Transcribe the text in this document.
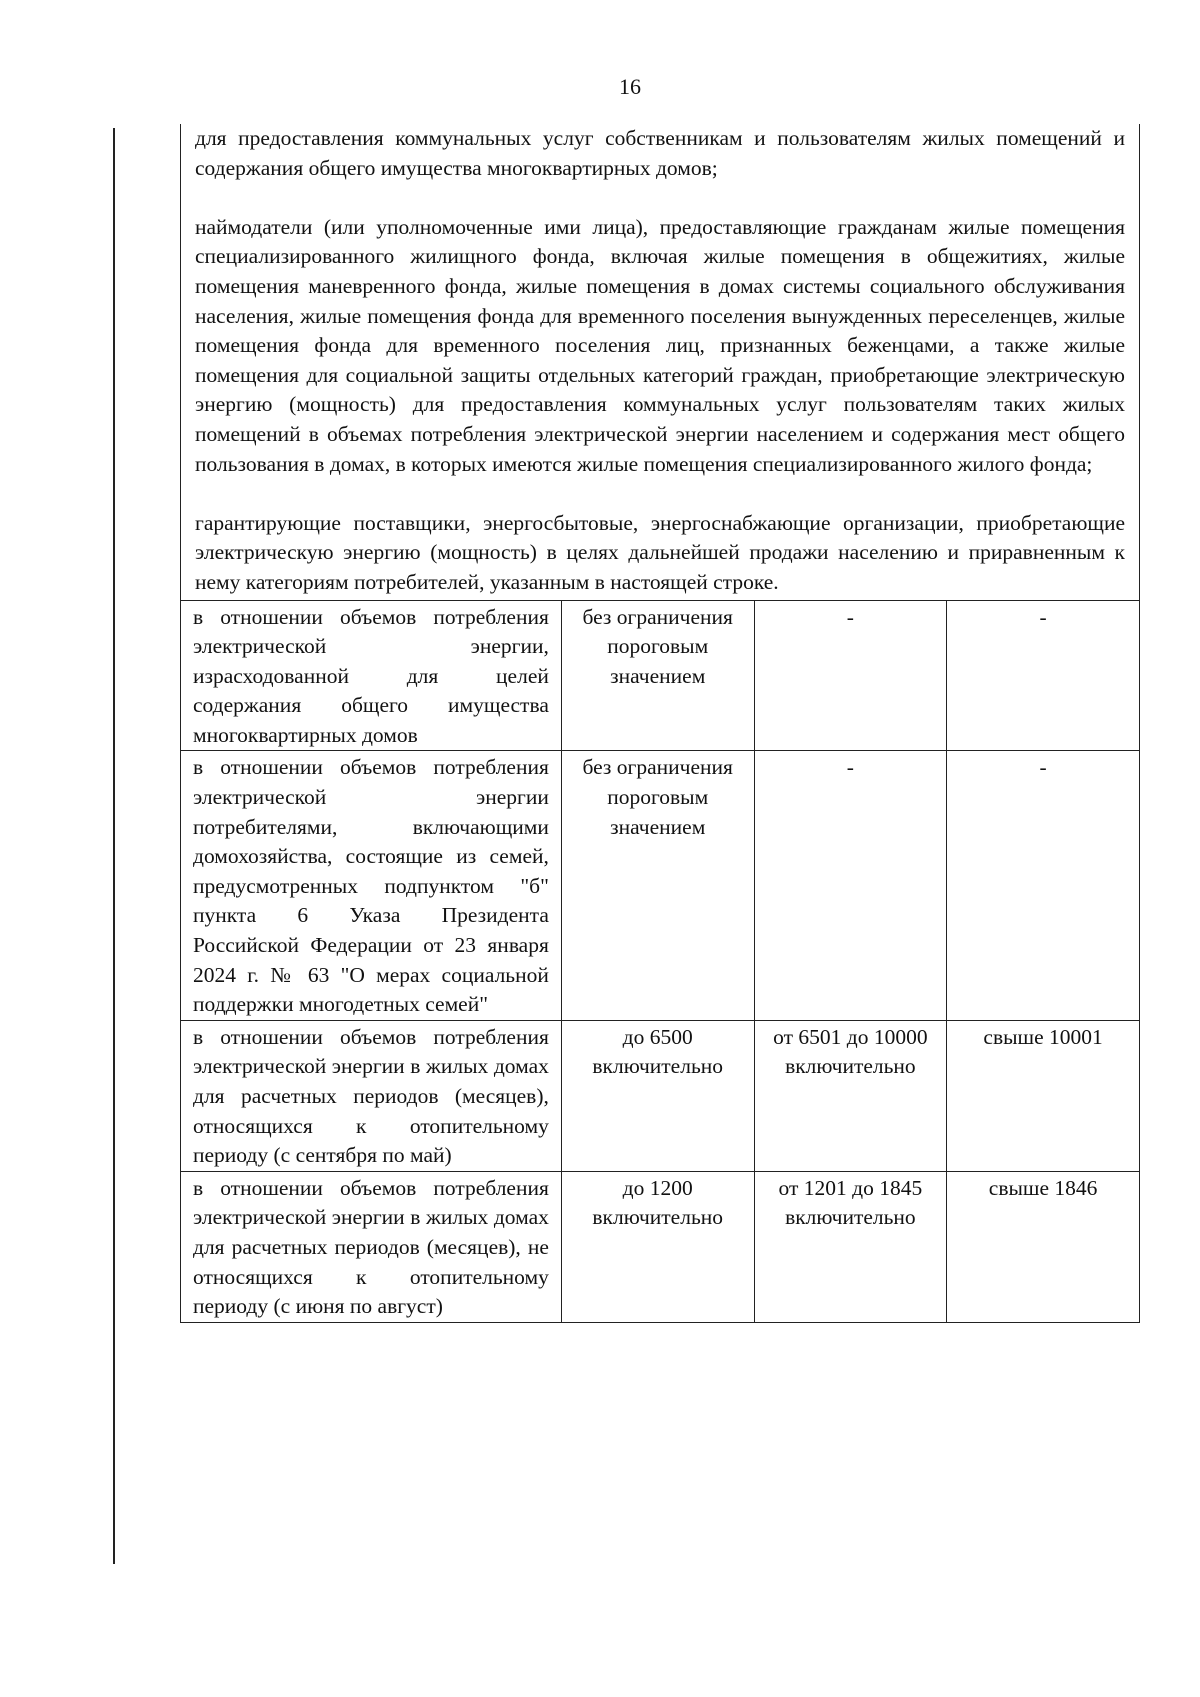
16

для предоставления коммунальных услуг собственникам и пользователям жилых помещений и содержания общего имущества многоквартирных домов;

наймодатели (или уполномоченные ими лица), предоставляющие гражданам жилые помещения специализированного жилищного фонда, включая жилые помещения в общежитиях, жилые помещения маневренного фонда, жилые помещения в домах системы социального обслуживания населения, жилые помещения фонда для временного поселения вынужденных переселенцев, жилые помещения фонда для временного поселения лиц, признанных беженцами, а также жилые помещения для социальной защиты отдельных категорий граждан, приобретающие электрическую энергию (мощность) для предоставления коммунальных услуг пользователям таких жилых помещений в объемах потребления электрической энергии населением и содержания мест общего пользования в домах, в которых имеются жилые помещения специализированного жилого фонда;

гарантирующие поставщики, энергосбытовые, энергоснабжающие организации, приобретающие электрическую энергию (мощность) в целях дальнейшей продажи населению и приравненным к нему категориям потребителей, указанным в настоящей строке.			

в отношении объемов потребления электрической энергии, израсходованной для целей содержания общего имущества многоквартирных домов	без ограничения пороговым значением	-	-
в отношении объемов потребления электрической энергии потребителями, включающими домохозяйства, состоящие из семей, предусмотренных подпунктом "б" пункта 6 Указа Президента Российской Федерации от 23 января 2024 г. № 63 "О мерах социальной поддержки многодетных семей"	без ограничения пороговым значением	-	-
в отношении объемов потребления электрической энергии в жилых домах для расчетных периодов (месяцев), относящихся к отопительному периоду (с сентября по май)	до 6500 включительно	от 6501 до 10000 включительно	свыше 10001
в отношении объемов потребления электрической энергии в жилых домах для расчетных периодов (месяцев), не относящихся к отопительному периоду (с июня по август)	до 1200 включительно	от 1201 до 1845 включительно	свыше 1846
